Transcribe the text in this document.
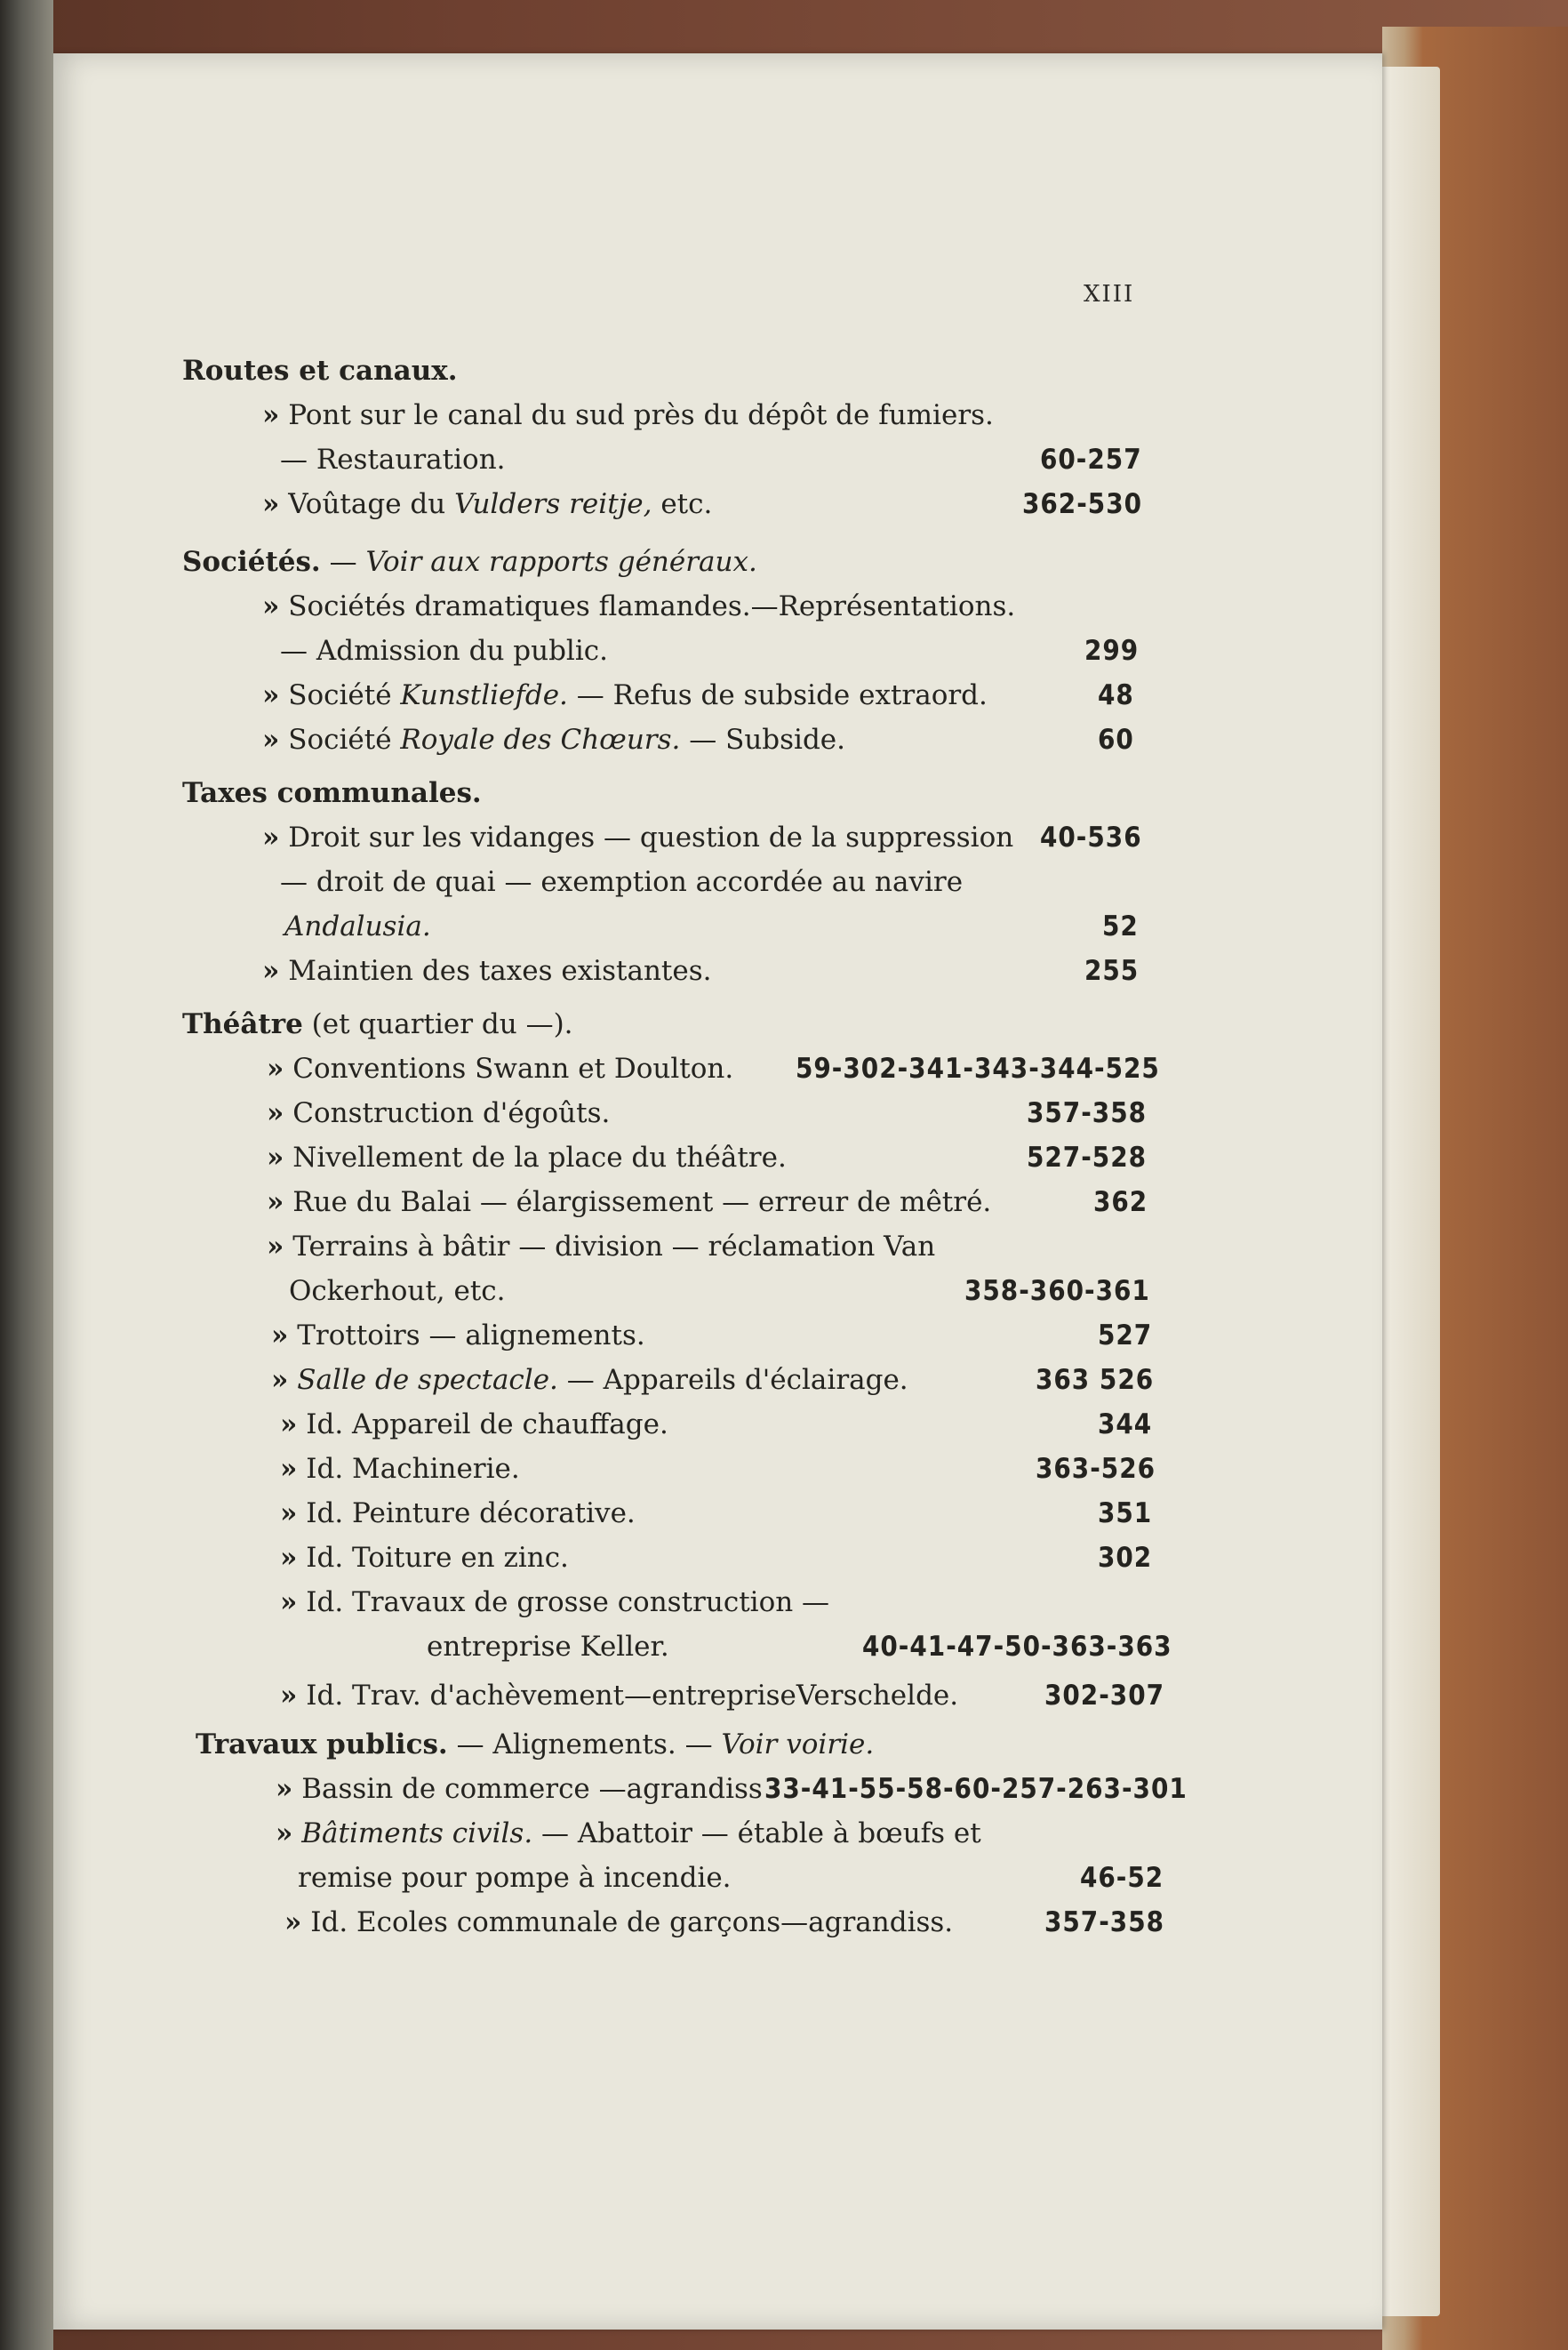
XIII
Routes et canaux.
» Pont sur le canal du sud près du dépôt de fumiers.
— Restauration.	60-257
» Voûtage du Vulders reitje, etc.	362-530
Sociétés. — Voir aux rapports généraux.
» Sociétés dramatiques flamandes.—Représentations.
— Admission du public.	299
» Société Kunstliefde. — Refus de subside extraord.	48
» Société Royale des Chœurs. — Subside.	60
Taxes communales.
» Droit sur les vidanges — question de la suppression 40-536
— droit de quai — exemption accordée au navire
Andalusia.	52
» Maintien des taxes existantes.	255
Théâtre (et quartier du —).
» Conventions Swann et Doulton. 59-302-341-343-344-525
» Construction d'égoûts.	357-358
» Nivellement de la place du théâtre.	527-528
» Rue du Balai — élargissement — erreur de mêtré.	362
» Terrains à bâtir — division — réclamation Van
Ockerhout, etc.	358-360-361
» Trottoirs — alignements.	527
» Salle de spectacle. — Appareils d'éclairage.	363 526
» Id. Appareil de chauffage.	344
» Id. Machinerie.	363-526
» Id. Peinture décorative.	351
» Id. Toiture en zinc.	302
» Id. Travaux de grosse construction —
entreprise Keller.	40-41-47-50-363-363
» Id. Trav. d'achèvement—entrepriseVerschelde.	302-307
Travaux publics. — Alignements. — Voir voirie.
» Bassin de commerce —agrandiss 33-41-55-58-60-257-263-301
» Bâtiments civils. — Abattoir — étable à bœufs et
remise pour pompe à incendie.	46-52
» Id. Ecoles communale de garçons—agrandiss.	357-358
